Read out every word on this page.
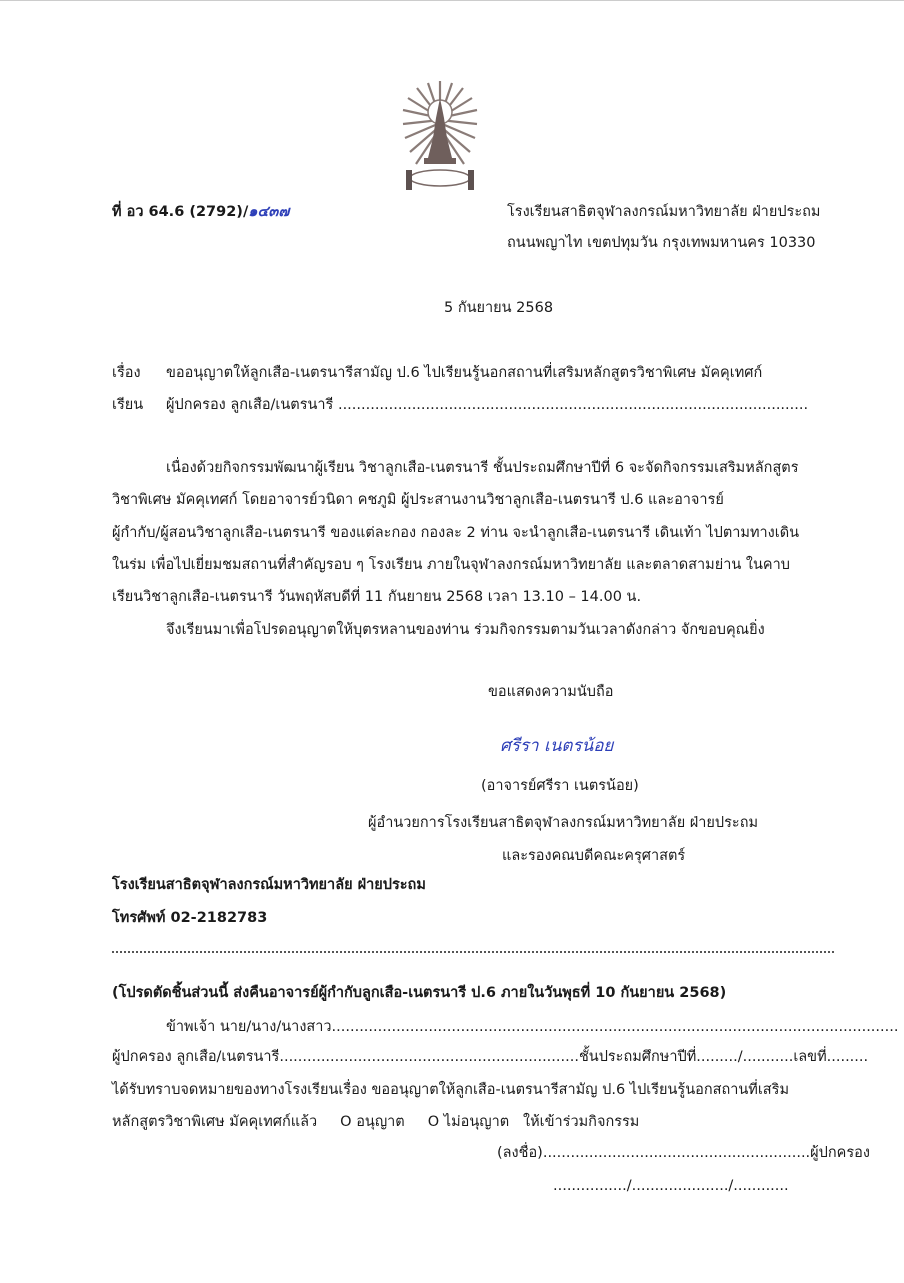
ที่ อว 64.6 (2792)/๑๔๓๗	โรงเรียนสาธิตจุฬาลงกรณ์มหาวิทยาลัย ฝ่ายประถม
ถนนพญาไท เขตปทุมวัน กรุงเทพมหานคร 10330
5 กันยายน 2568
เรื่อง ขออนุญาตให้ลูกเสือ-เนตรนารีสามัญ ป.6 ไปเรียนรู้นอกสถานที่เสริมหลักสูตรวิชาพิเศษ มัคคุเทศก์
เรียน ผู้ปกครอง ลูกเสือ/เนตรนารี ......................................................................................................
เนื่องด้วยกิจกรรมพัฒนาผู้เรียน วิชาลูกเสือ-เนตรนารี ชั้นประถมศึกษาปีที่ 6 จะจัดกิจกรรมเสริมหลักสูตร
วิชาพิเศษ มัคคุเทศก์ โดยอาจารย์วนิดา คชภูมิ ผู้ประสานงานวิชาลูกเสือ-เนตรนารี ป.6 และอาจารย์
ผู้กำกับ/ผู้สอนวิชาลูกเสือ-เนตรนารี ของแต่ละกอง กองละ 2 ท่าน จะนำลูกเสือ-เนตรนารี เดินเท้า ไปตามทางเดิน
ในร่ม เพื่อไปเยี่ยมชมสถานที่สำคัญรอบ ๆ โรงเรียน ภายในจุฬาลงกรณ์มหาวิทยาลัย และตลาดสามย่าน ในคาบ
เรียนวิชาลูกเสือ-เนตรนารี วันพฤหัสบดีที่ 11 กันยายน 2568 เวลา 13.10 – 14.00 น.
จึงเรียนมาเพื่อโปรดอนุญาตให้บุตรหลานของท่าน ร่วมกิจกรรมตามวันเวลาดังกล่าว จักขอบคุณยิ่ง
ขอแสดงความนับถือ
ศรีรา เนตรน้อย
(อาจารย์ศรีรา เนตรน้อย)
ผู้อำนวยการโรงเรียนสาธิตจุฬาลงกรณ์มหาวิทยาลัย ฝ่ายประถม
และรองคณบดีคณะครุศาสตร์
โรงเรียนสาธิตจุฬาลงกรณ์มหาวิทยาลัย ฝ่ายประถม
โทรศัพท์ 02-2182783
(โปรดตัดชิ้นส่วนนี้ ส่งคืนอาจารย์ผู้กำกับลูกเสือ-เนตรนารี ป.6 ภายในวันพุธที่ 10 กันยายน 2568)
ข้าพเจ้า นาย/นาง/นางสาว...........................................................................................................................
ผู้ปกครอง ลูกเสือ/เนตรนารี.................................................................ชั้นประถมศึกษาปีที่........./...........เลขที่.........
ได้รับทราบจดหมายของทางโรงเรียนเรื่อง ขออนุญาตให้ลูกเสือ-เนตรนารีสามัญ ป.6 ไปเรียนรู้นอกสถานที่เสริม
หลักสูตรวิชาพิเศษ มัคคุเทศก์แล้ว O อนุญาต O ไม่อนุญาต ให้เข้าร่วมกิจกรรม
(ลงชื่อ)..........................................................ผู้ปกครอง
................/...................../............
